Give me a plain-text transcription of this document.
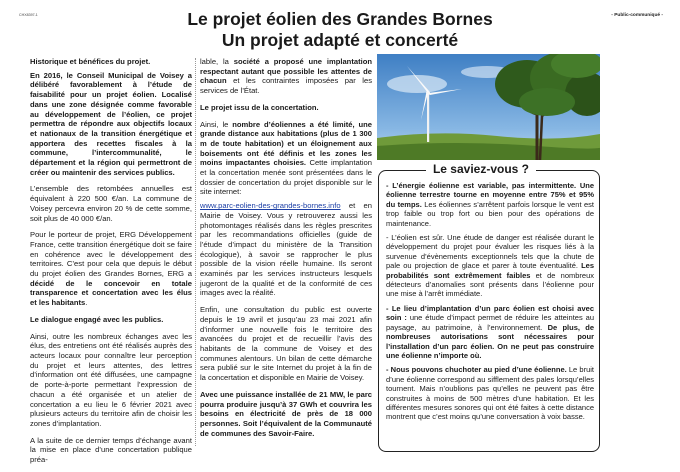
CHX8397-1	- Public-communiqué -
Le projet éolien des Grandes Bornes
Un projet adapté et concerté

Historique et bénéfices du projet.

En 2016, le Conseil Municipal de Voisey a délibéré favorablement à l’étude de faisabilité pour un projet éolien. Localisé dans une zone désignée comme favorable au développement de l’éolien, ce projet permettra de répondre aux objectifs locaux et nationaux de la transition énergétique et apportera des recettes fiscales à la commune, l’intercommunalité, le département et la région qui permettront de créer ou maintenir des services publics.

L’ensemble des retombées annuelles est équivalent à 220 500 €/an. La commune de Voisey percevra environ 20 % de cette somme, soit plus de 40 000 €/an.

Pour le porteur de projet, ERG Développement France, cette transition énergétique doit se faire en cohérence avec le développement des territoires. C’est pour cela que depuis le début du projet éolien des Grandes Bornes, ERG a décidé de le concevoir en totale transparence et concertation avec les élus et les habitants.

Le dialogue engagé avec les publics.

Ainsi, outre les nombreux échanges avec les élus, des entretiens ont été réalisés auprès des acteurs locaux pour connaître leur perception du projet et leurs attentes, des lettres d’information ont été diffusées, une campagne de porte-à-porte permettant l’expression de chacun a été organisée et un atelier de concertation a eu lieu le 6 février 2021 avec plusieurs acteurs du territoire afin de choisir les zones d’implantation.

A la suite de ce dernier temps d’échange avant la mise en place d’une concertation publique préa-

lable, la société a proposé une implantation respectant autant que possible les attentes de chacun et les contraintes imposées par les services de l’État.

Le projet issu de la concertation.

Ainsi, le nombre d’éoliennes a été limité, une grande distance aux habitations (plus de 1 300 m de toute habitation) et un éloignement aux boisements ont été définis et les zones les moins impactantes choisies. Cette implantation et la concertation menée sont présentées dans le dossier de concertation du projet disponible sur le site internet:

www.parc-eolien-des-grandes-bornes.info et en Mairie de Voisey. Vous y retrouverez aussi les photomontages réalisés dans les règles prescrites par les recommandations officielles (guide de l’étude d’impact du ministère de la Transition écologique), à savoir se rapprocher le plus possible de la vision réelle humaine. Ils seront examinés par les services instructeurs lesquels jugeront de la qualité et de la conformité de ces images avec la réalité.

Enfin, une consultation du public est ouverte depuis le 19 avril et jusqu’au 23 mai 2021 afin d’informer une nouvelle fois le territoire des avancées du projet et de recueillir l’avis des habitants de la commune de Voisey et des communes alentours. Un bilan de cette démarche sera publié sur le site Internet du projet à la fin de la concertation et disponible en Mairie de Voisey.

Avec une puissance installée de 21 MW, le parc pourra produire jusqu’à 37 GWh et couvrira les besoins en électricité de près de 18 000 personnes. Soit l’équivalent de la Communauté de communes des Savoir-Faire.

Le saviez-vous ?

- L’énergie éolienne est variable, pas intermittente. Une éolienne terrestre tourne en moyenne entre 75% et 95% du temps. Les éoliennes s’arrêtent parfois lorsque le vent est trop faible ou trop fort ou bien pour des opérations de maintenance.

- L’éolien est sûr. Une étude de danger est réalisée durant le développement du projet pour évaluer les risques liés à la survenue d’évènements exceptionnels tels que la chute de pale ou projection de glace et parer à toute éventualité. Les probabilités sont extrêmement faibles et de nombreux détecteurs d’anomalies sont présents dans l’éolienne pour une mise à l’arrêt immédiate.

- Le lieu d’implantation d’un parc éolien est choisi avec soin : une étude d’impact permet de réduire les atteintes au paysage, au patrimoine, à l’environnement. De plus, de nombreuses autorisations sont nécessaires pour l’installation d’un parc éolien. On ne peut pas construire une éolienne n’importe où.

- Nous pouvons chuchoter au pied d’une éolienne. Le bruit d’une éolienne correspond au sifflement des pales lorsqu’elles tournent. Mais n’oublions pas qu’elles ne peuvent pas être construites à moins de 500 mètres d’une habitation. Et les différentes mesures sonores qui ont été faites à cette distance montrent que c’est moins qu’une conversation à voix basse.
